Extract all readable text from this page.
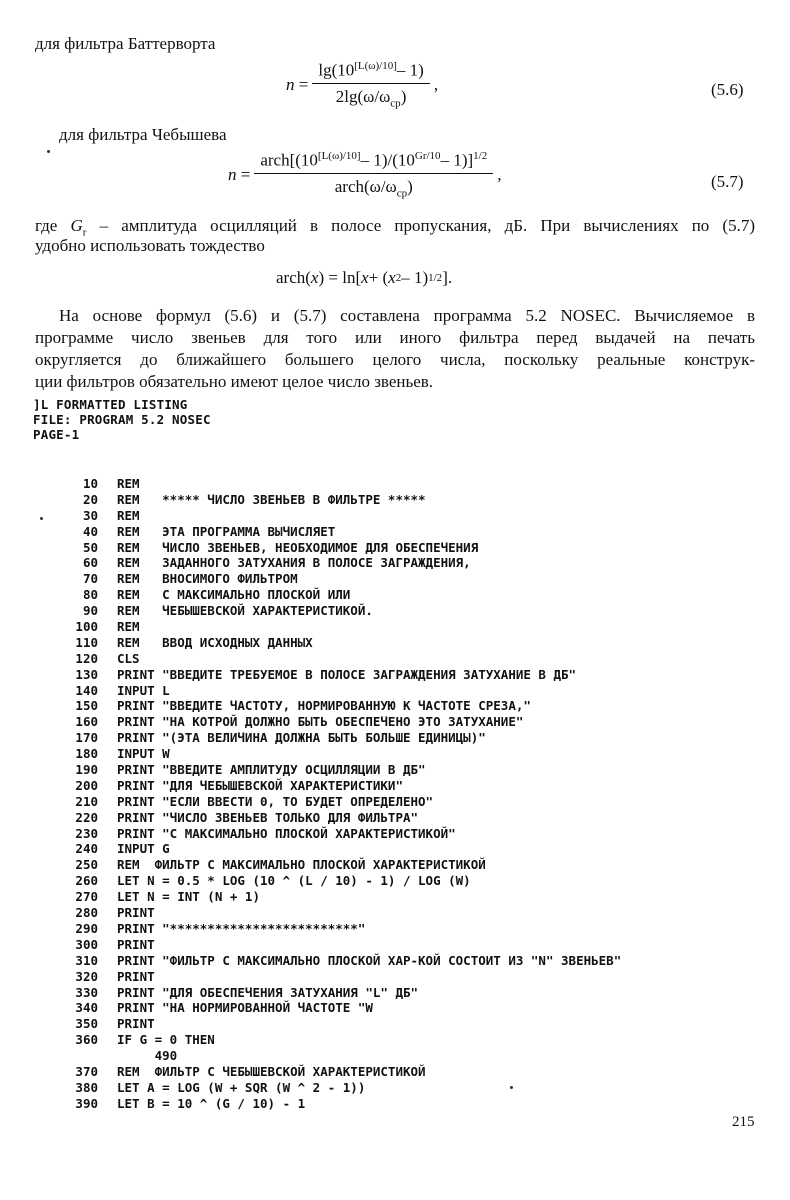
для фильтра Баттерворта
$n = \frac{\lg(10^{[L(\omega)/10]}- 1)}{2\lg(\omega/\omega_{cp})}$ ,	(5.6)
для фильтра Чебышева
$n = \frac{arch[(10^{[L(\omega)/10]}- 1)/(10^{Gr/10}- 1)]^{1/2}}{arch(\omega/\omega_{cp})}$ ,	(5.7)
где $G_r$ – амплитуда осцилляций в полосе пропускания, дБ. При вычислениях по (5.7)
удобно использовать тождество
arch( x ) = ln[ x + ( x 2 – 1) 1/2 ].
На основе формул (5.6) и (5.7) составлена программа 5.2 NOSEC. Вычисляемое в
программе число звеньев для того или иного фильтра перед выдачей на печать
округляется до ближайшего большего целого числа, поскольку реальные конструк-
ции фильтров обязательно имеют целое число звеньев.
]L FORMATTED LISTING
FILE: PROGRAM 5.2 NOSEC
PAGE-1
10 REM
20 REM   ***** ЧИСЛО ЗВЕНЬЕВ В ФИЛЬТРЕ *****
30 REM
40 REM   ЭТА ПРОГРАММА ВЫЧИСЛЯЕТ
50 REM   ЧИСЛО ЗВЕНЬЕВ, НЕОБХОДИМОЕ ДЛЯ ОБЕСПЕЧЕНИЯ
60 REM   ЗАДАННОГО ЗАТУХАНИЯ В ПОЛОСЕ ЗАГРАЖДЕНИЯ,
70 REM   ВНОСИМОГО ФИЛЬТРОМ
80 REM   С МАКСИМАЛЬНО ПЛОСКОЙ ИЛИ
90 REM   ЧЕБЫШЕВСКОЙ ХАРАКТЕРИСТИКОЙ.
100 REM
110 REM   ВВОД ИСХОДНЫХ ДАННЫХ
120 CLS
130 PRINT "ВВЕДИТЕ ТРЕБУЕМОЕ В ПОЛОСЕ ЗАГРАЖДЕНИЯ ЗАТУХАНИЕ В ДБ"
140 INPUT L
150 PRINT "ВВЕДИТЕ ЧАСТОТУ, НОРМИРОВАННУЮ К ЧАСТОТЕ СРЕЗА,"
160 PRINT "НА КОТРОЙ ДОЛЖНО БЫТЬ ОБЕСПЕЧЕНО ЭТО ЗАТУХАНИЕ"
170 PRINT "(ЭТА ВЕЛИЧИНА ДОЛЖНА БЫТЬ БОЛЬШЕ ЕДИНИЦЫ)"
180 INPUT W
190 PRINT "ВВЕДИТЕ АМПЛИТУДУ ОСЦИЛЛЯЦИИ В ДБ"
200 PRINT "ДЛЯ ЧЕБЫШЕВСКОЙ ХАРАКТЕРИСТИКИ"
210 PRINT "ЕСЛИ ВВЕСТИ 0, ТО БУДЕТ ОПРЕДЕЛЕНО"
220 PRINT "ЧИСЛО ЗВЕНЬЕВ ТОЛЬКО ДЛЯ ФИЛЬТРА"
230 PRINT "С МАКСИМАЛЬНО ПЛОСКОЙ ХАРАКТЕРИСТИКОЙ"
240 INPUT G
250 REM  ФИЛЬТР С МАКСИМАЛЬНО ПЛОСКОЙ ХАРАКТЕРИСТИКОЙ
260 LET N = 0.5 * LOG (10 ^ (L / 10) - 1) / LOG (W)
270 LET N = INT (N + 1)
280 PRINT
290 PRINT "*************************"
300 PRINT
310 PRINT "ФИЛЬТР С МАКСИМАЛЬНО ПЛОСКОЙ ХАР-КОЙ СОСТОИТ ИЗ "N" ЗВЕНЬЕВ"
320 PRINT
330 PRINT "ДЛЯ ОБЕСПЕЧЕНИЯ ЗАТУХАНИЯ "L" ДБ"
340 PRINT "НА НОРМИРОВАННОЙ ЧАСТОТЕ "W
350 PRINT
360 IF G = 0 THEN
490
370 REM  ФИЛЬТР С ЧЕБЫШЕВСКОЙ ХАРАКТЕРИСТИКОЙ
380 LET A = LOG (W + SQR (W ^ 2 - 1))
390 LET B = 10 ^ (G / 10) - 1
215
